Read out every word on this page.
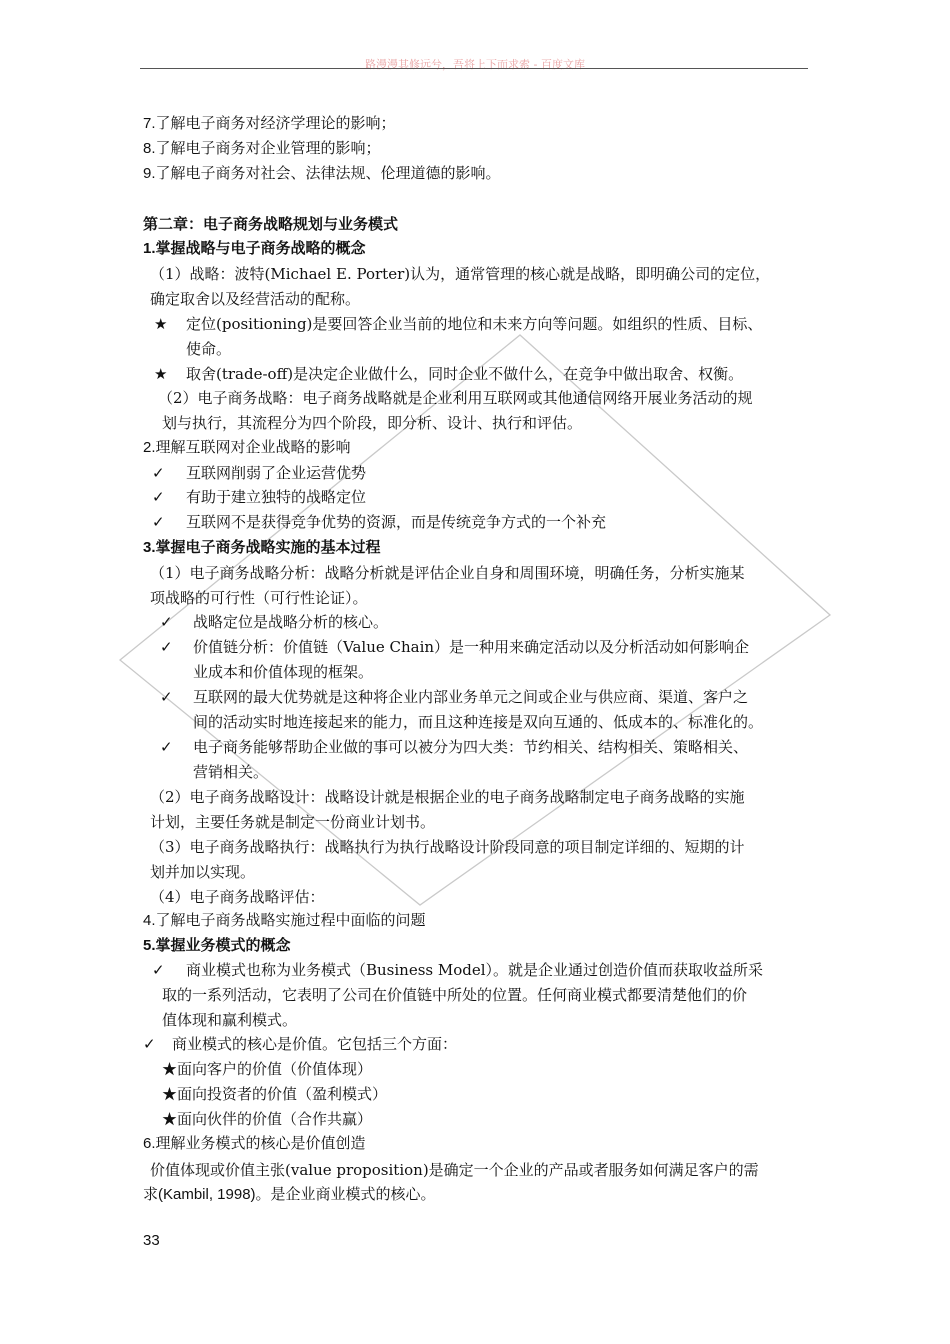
路漫漫其修远兮，吾将上下而求索 - 百度文库
7.了解电子商务对经济学理论的影响；
8.了解电子商务对企业管理的影响；
9.了解电子商务对社会、法律法规、伦理道德的影响。
第二章：电子商务战略规划与业务模式
1.掌握战略与电子商务战略的概念
（1）战略：波特(Michael E. Porter)认为，通常管理的核心就是战略，即明确公司的定位，
确定取舍以及经营活动的配称。
定位(positioning)是要回答企业当前的地位和未来方向等问题。如组织的性质、目标、
★
使命。
取舍(trade-off)是决定企业做什么，同时企业不做什么，在竞争中做出取舍、权衡。
★
（2）电子商务战略：电子商务战略就是企业利用互联网或其他通信网络开展业务活动的规
划与执行，其流程分为四个阶段，即分析、设计、执行和评估。
2.理解互联网对企业战略的影响
互联网削弱了企业运营优势
✓
有助于建立独特的战略定位
✓
互联网不是获得竞争优势的资源，而是传统竞争方式的一个补充
✓
3.掌握电子商务战略实施的基本过程
（1）电子商务战略分析：战略分析就是评估企业自身和周围环境，明确任务，分析实施某
项战略的可行性（可行性论证）。
战略定位是战略分析的核心。
✓
价值链分析：价值链（Value Chain）是一种用来确定活动以及分析活动如何影响企
✓
业成本和价值体现的框架。
互联网的最大优势就是这种将企业内部业务单元之间或企业与供应商、渠道、客户之
✓
间的活动实时地连接起来的能力，而且这种连接是双向互通的、低成本的、标准化的。
电子商务能够帮助企业做的事可以被分为四大类：节约相关、结构相关、策略相关、
✓
营销相关。
（2）电子商务战略设计：战略设计就是根据企业的电子商务战略制定电子商务战略的实施
计划，主要任务就是制定一份商业计划书。
（3）电子商务战略执行：战略执行为执行战略设计阶段同意的项目制定详细的、短期的计
划并加以实现。
（4）电子商务战略评估：
4.了解电子商务战略实施过程中面临的问题
5.掌握业务模式的概念
商业模式也称为业务模式（Business Model）。就是企业通过创造价值而获取收益所采
✓
取的一系列活动，它表明了公司在价值链中所处的位置。任何商业模式都要清楚他们的价
值体现和赢利模式。
商业模式的核心是价值。它包括三个方面：
✓
★面向客户的价值（价值体现）
★面向投资者的价值（盈利模式）
★面向伙伴的价值（合作共赢）
6.理解业务模式的核心是价值创造
价值体现或价值主张(value proposition)是确定一个企业的产品或者服务如何满足客户的需
求(Kambil, 1998)。是企业商业模式的核心。
33
